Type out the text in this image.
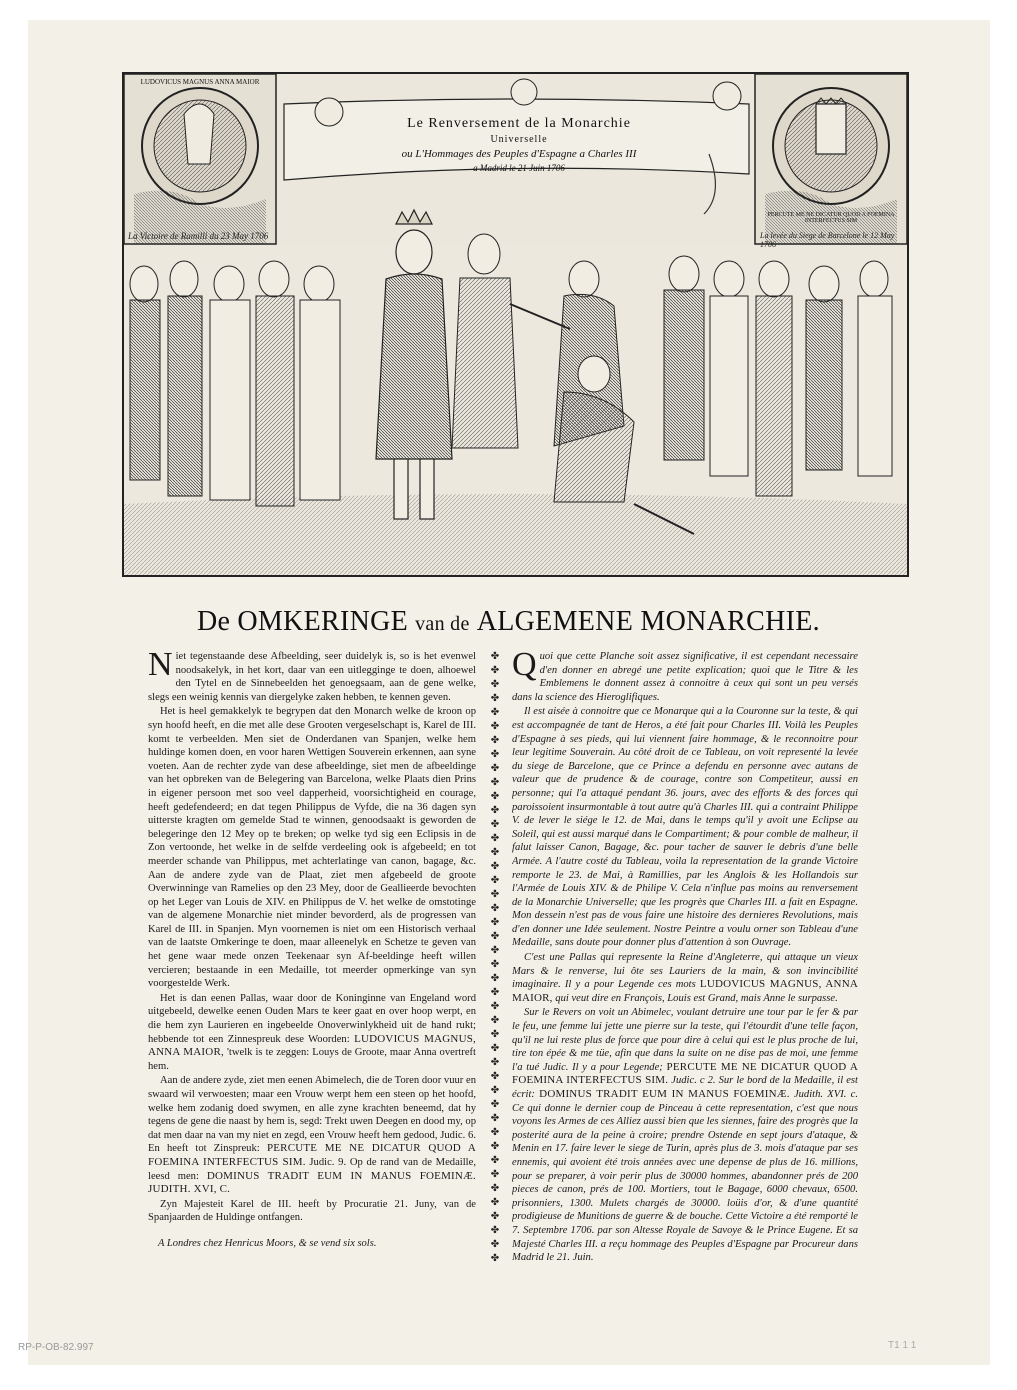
Le Renversement de la Monarchie
Universelle
ou L'Hommages des Peuples d'Espagne a Charles III
a Madrid le 21 Juin 1706
LUDOVICUS MAGNUS ANNA MAIOR
PERCUTE ME NE DICATUR QUOD A FOEMINA INTERFECTUS SIM
La Victoire de Ramilli du 23 May 1706	La levée du Siege de Barcelone le 12 May 1706
De OMKERINGE van de ALGEMENE MONARCHIE.

Niet tegenstaande dese Afbeelding, seer duidelyk is, so is het evenwel noodsakelyk, in het kort, daar van een uitlegginge te doen, alhoewel den Tytel en de Sinnebeelden het genoegsaam, aan de gene welke, slegs een weinig kennis van diergelyke zaken hebben, te kennen geven.

Het is heel gemakkelyk te begrypen dat den Monarch welke de kroon op syn hoofd heeft, en die met alle dese Grooten vergeselschapt is, Karel de III. komt te verbeelden. Men siet de Onderdanen van Spanjen, welke hem huldinge komen doen, en voor haren Wettigen Souverein erkennen, aan syne voeten. Aan de rechter zyde van dese afbeeldinge, siet men de afbeeldinge van het opbreken van de Belegering van Barcelona, welke Plaats dien Prins in eigener persoon met soo veel dapperheid, voorsichtigheid en courage, heeft gedefendeerd; en dat tegen Philippus de Vyfde, die na 36 dagen syn uitterste kragten om gemelde Stad te winnen, genoodsaakt is geworden de belegeringe den 12 Mey op te breken; op welke tyd sig een Eclipsis in de Zon vertoonde, het welke in de selfde verdeeling ook is afgebeeld; en tot meerder schande van Philippus, met achterlatinge van canon, bagage, &c. Aan de andere zyde van de Plaat, ziet men afgebeeld de groote Overwinninge van Ramelies op den 23 Mey, door de Geallieerde bevochten op het Leger van Louis de XIV. en Philippus de V. het welke de omstotinge van de algemene Monarchie niet minder bevorderd, als de progressen van Karel de III. in Spanjen. Myn voornemen is niet om een Historisch verhaal van de laatste Omkeringe te doen, maar alleenelyk en Schetze te geven van het gene waar mede onzen Teekenaar syn Af-beeldinge heeft willen vercieren; bestaande in een Medaille, tot meerder opmerkinge van syn voorgestelde Werk.

Het is dan eenen Pallas, waar door de Koninginne van Engeland word uitgebeeld, dewelke eenen Ouden Mars te keer gaat en over hoop werpt, en die hem zyn Laurieren en ingebeelde Onoverwinlykheid uit de hand rukt; hebbende tot een Zinnespreuk dese Woorden: LUDOVICUS MAGNUS, ANNA MAIOR, 'twelk is te zeggen: Louys de Groote, maar Anna overtreft hem.

Aan de andere zyde, ziet men eenen Abimelech, die de Toren door vuur en swaard wil verwoesten; maar een Vrouw werpt hem een steen op het hoofd, welke hem zodanig doed swymen, en alle zyne krachten beneemd, dat hy tegens de gene die naast by hem is, segd: Trekt uwen Deegen en dood my, op dat men daar na van my niet en zegd, een Vrouw heeft hem gedood, Judic. 6. En heeft tot Zinspreuk: PERCUTE ME NE DICATUR QUOD A FOEMINA INTERFECTUS SIM. Judic. 9. Op de rand van de Medaille, leesd men: DOMINUS TRADIT EUM IN MANUS FOEMINÆ. JUDITH. XVI, C.

Zyn Majesteit Karel de III. heeft by Procuratie 21. Juny, van de Spanjaarden de Huldinge ontfangen.

A Londres chez Henricus Moors, & se vend six sols.
✤ ✤ ✤ ✤ ✤ ✤ ✤ ✤ ✤ ✤ ✤ ✤ ✤ ✤ ✤ ✤ ✤ ✤ ✤ ✤ ✤ ✤ ✤ ✤ ✤ ✤ ✤ ✤ ✤ ✤ ✤ ✤ ✤ ✤ ✤ ✤ ✤ ✤ ✤ ✤ ✤ ✤ ✤ ✤

Quoi que cette Planche soit assez significative, il est cependant necessaire d'en donner en abregé une petite explication; quoi que le Titre & les Emblemens le donnent assez à connoitre à ceux qui sont un peu versés dans la science des Hieroglifiques.

Il est aisée à connoitre que ce Monarque qui a la Couronne sur la teste, & qui est accompagnée de tant de Heros, a été fait pour Charles III. Voilà les Peuples d'Espagne à ses pieds, qui lui viennent faire hommage, & le reconnoitre pour leur legitime Souverain. Au côté droit de ce Tableau, on voit representé la levée du siege de Barcelone, que ce Prince a defendu en personne avec autans de valeur que de prudence & de courage, contre son Competiteur, aussi en personne; qui l'a attaqué pendant 36. jours, avec des efforts & des forces qui paroissoient insurmontable à tout autre qu'à Charles III. qui a contraint Philippe V. de lever le siége le 12. de Mai, dans le temps qu'il y avoit une Eclipse au Soleil, qui est aussi marqué dans le Compartiment; & pour comble de malheur, il falut laisser Canon, Bagage, &c. pour tacher de sauver le debris d'une belle Armée. A l'autre costé du Tableau, voila la representation de la grande Victoire remporte le 23. de Mai, à Ramillies, par les Anglois & les Hollandois sur l'Armée de Louis XIV. & de Philipe V. Cela n'influe pas moins au renversement de la Monarchie Universelle; que les progrès que Charles III. a fait en Espagne. Mon dessein n'est pas de vous faire une histoire des dernieres Revolutions, mais d'en donner une Idée seulement. Nostre Peintre a voulu orner son Tableau d'une Medaille, sans doute pour donner plus d'attention à son Ouvrage.

C'est une Pallas qui represente la Reine d'Angleterre, qui attaque un vieux Mars & le renverse, lui ôte ses Lauriers de la main, & son invincibilité imaginaire. Il y a pour Legende ces mots LUDOVICUS MAGNUS, ANNA MAIOR, qui veut dire en François, Louis est Grand, mais Anne le surpasse.

Sur le Revers on voit un Abimelec, voulant detruire une tour par le fer & par le feu, une femme lui jette une pierre sur la teste, qui l'étourdit d'une telle façon, qu'il ne lui reste plus de force que pour dire à celui qui est le plus proche de lui, tire ton épée & me tüe, afin que dans la suite on ne dise pas de moi, une femme l'a tué Judic. Il y a pour Legende; PERCUTE ME NE DICATUR QUOD A FOEMINA INTERFECTUS SIM. Judic. c 2. Sur le bord de la Medaille, il est écrit: DOMINUS TRADIT EUM IN MANUS FOEMINÆ. Judith. XVI. c. Ce qui donne le dernier coup de Pinceau à cette representation, c'est que nous voyons les Armes de ces Alliez aussi bien que les siennes, faire des progrès que la posterité aura de la peine à croire; prendre Ostende en sept jours d'ataque, & Menin en 17. faire lever le siege de Turin, après plus de 3. mois d'ataque par ses ennemis, qui avoient été trois années avec une depense de plus de 16. millions, pour se preparer, à voir perir plus de 30000 hommes, abandonner prés de 200 pieces de canon, prés de 100. Mortiers, tout le Bagage, 6000 chevaux, 6500. prisonniers, 1300. Mulets chargés de 30000. loüis d'or, & d'une quantité prodigieuse de Munitions de guerre & de bouche. Cette Victoire a été remporté le 7. Septembre 1706. par son Altesse Royale de Savoye & le Prince Eugene. Et sa Majesté Charles III. a reçu hommage des Peuples d'Espagne par Procureur dans Madrid le 21. Juin.

RP-P-OB-82.997	T1 1 1
